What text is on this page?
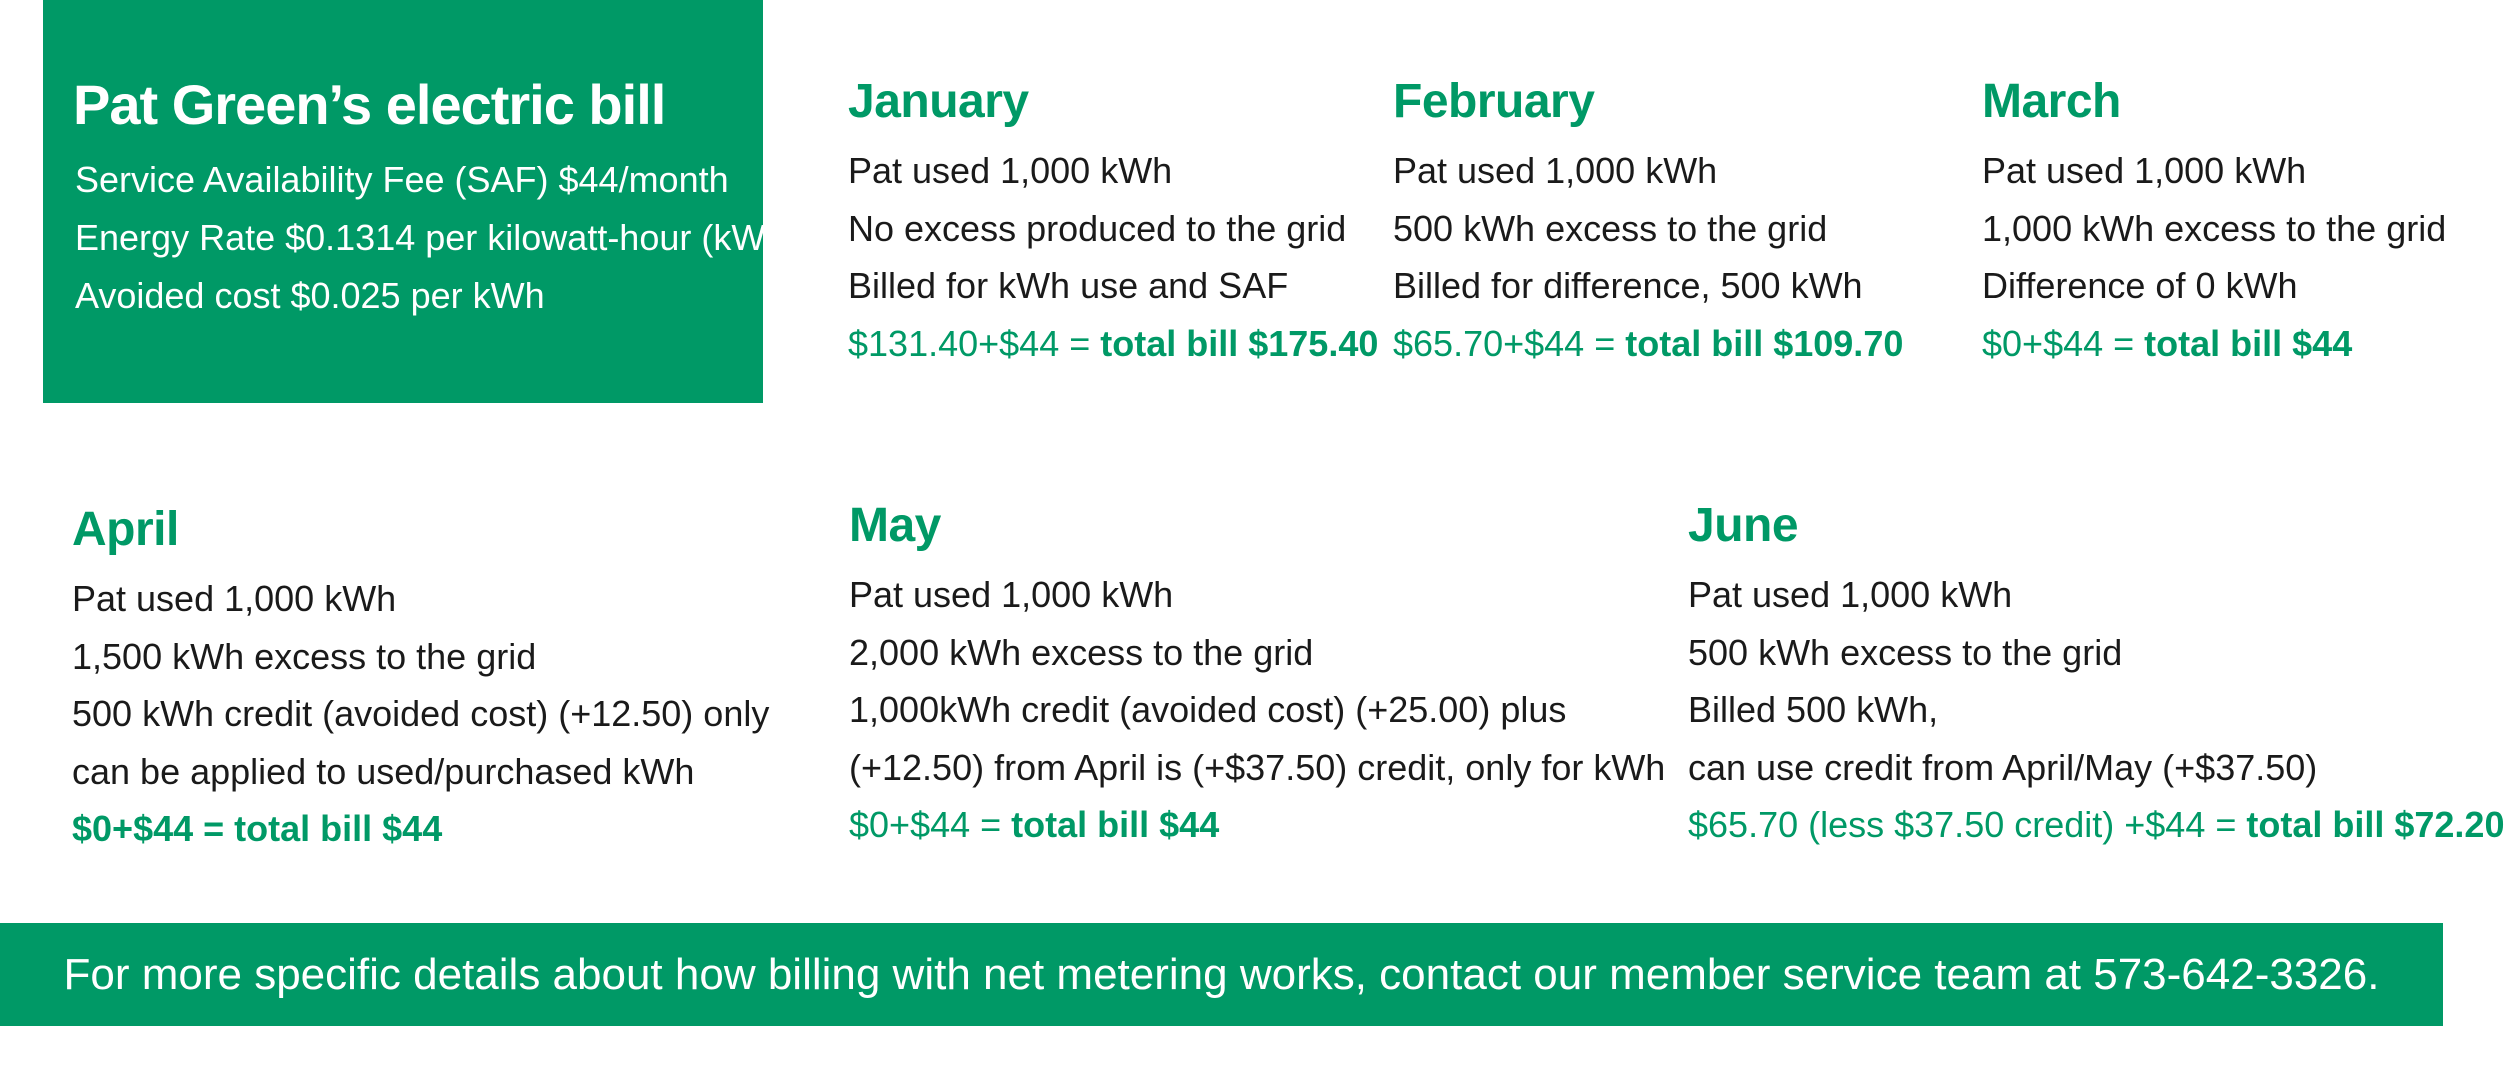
Pat Green’s electric bill
Service Availability Fee (SAF) $44/month
Energy Rate $0.1314 per kilowatt-hour (kWh)
Avoided cost $0.025 per kWh
January
Pat used 1,000 kWh
No excess produced to the grid
Billed for kWh use and SAF
$131.40+$44 = total bill $175.40
February
Pat used 1,000 kWh
500 kWh excess to the grid
Billed for difference, 500 kWh
$65.70+$44 = total bill $109.70
March
Pat used 1,000 kWh
1,000 kWh excess to the grid
Difference of 0 kWh
$0+$44 = total bill $44
April
Pat used 1,000 kWh
1,500 kWh excess to the grid
500 kWh credit (avoided cost) (+12.50) only
can be applied to used/purchased kWh
$0+$44 = total bill $44
May
Pat used 1,000 kWh
2,000 kWh excess to the grid
1,000kWh credit (avoided cost) (+25.00) plus
(+12.50) from April is (+$37.50) credit, only for kWh
$0+$44 = total bill $44
June
Pat used 1,000 kWh
500 kWh excess to the grid
Billed 500 kWh,
can use credit from April/May (+$37.50)
$65.70 (less $37.50 credit) +$44 = total bill $72.20
For more specific details about how billing with net metering works, contact our member service team at 573-642-3326.
